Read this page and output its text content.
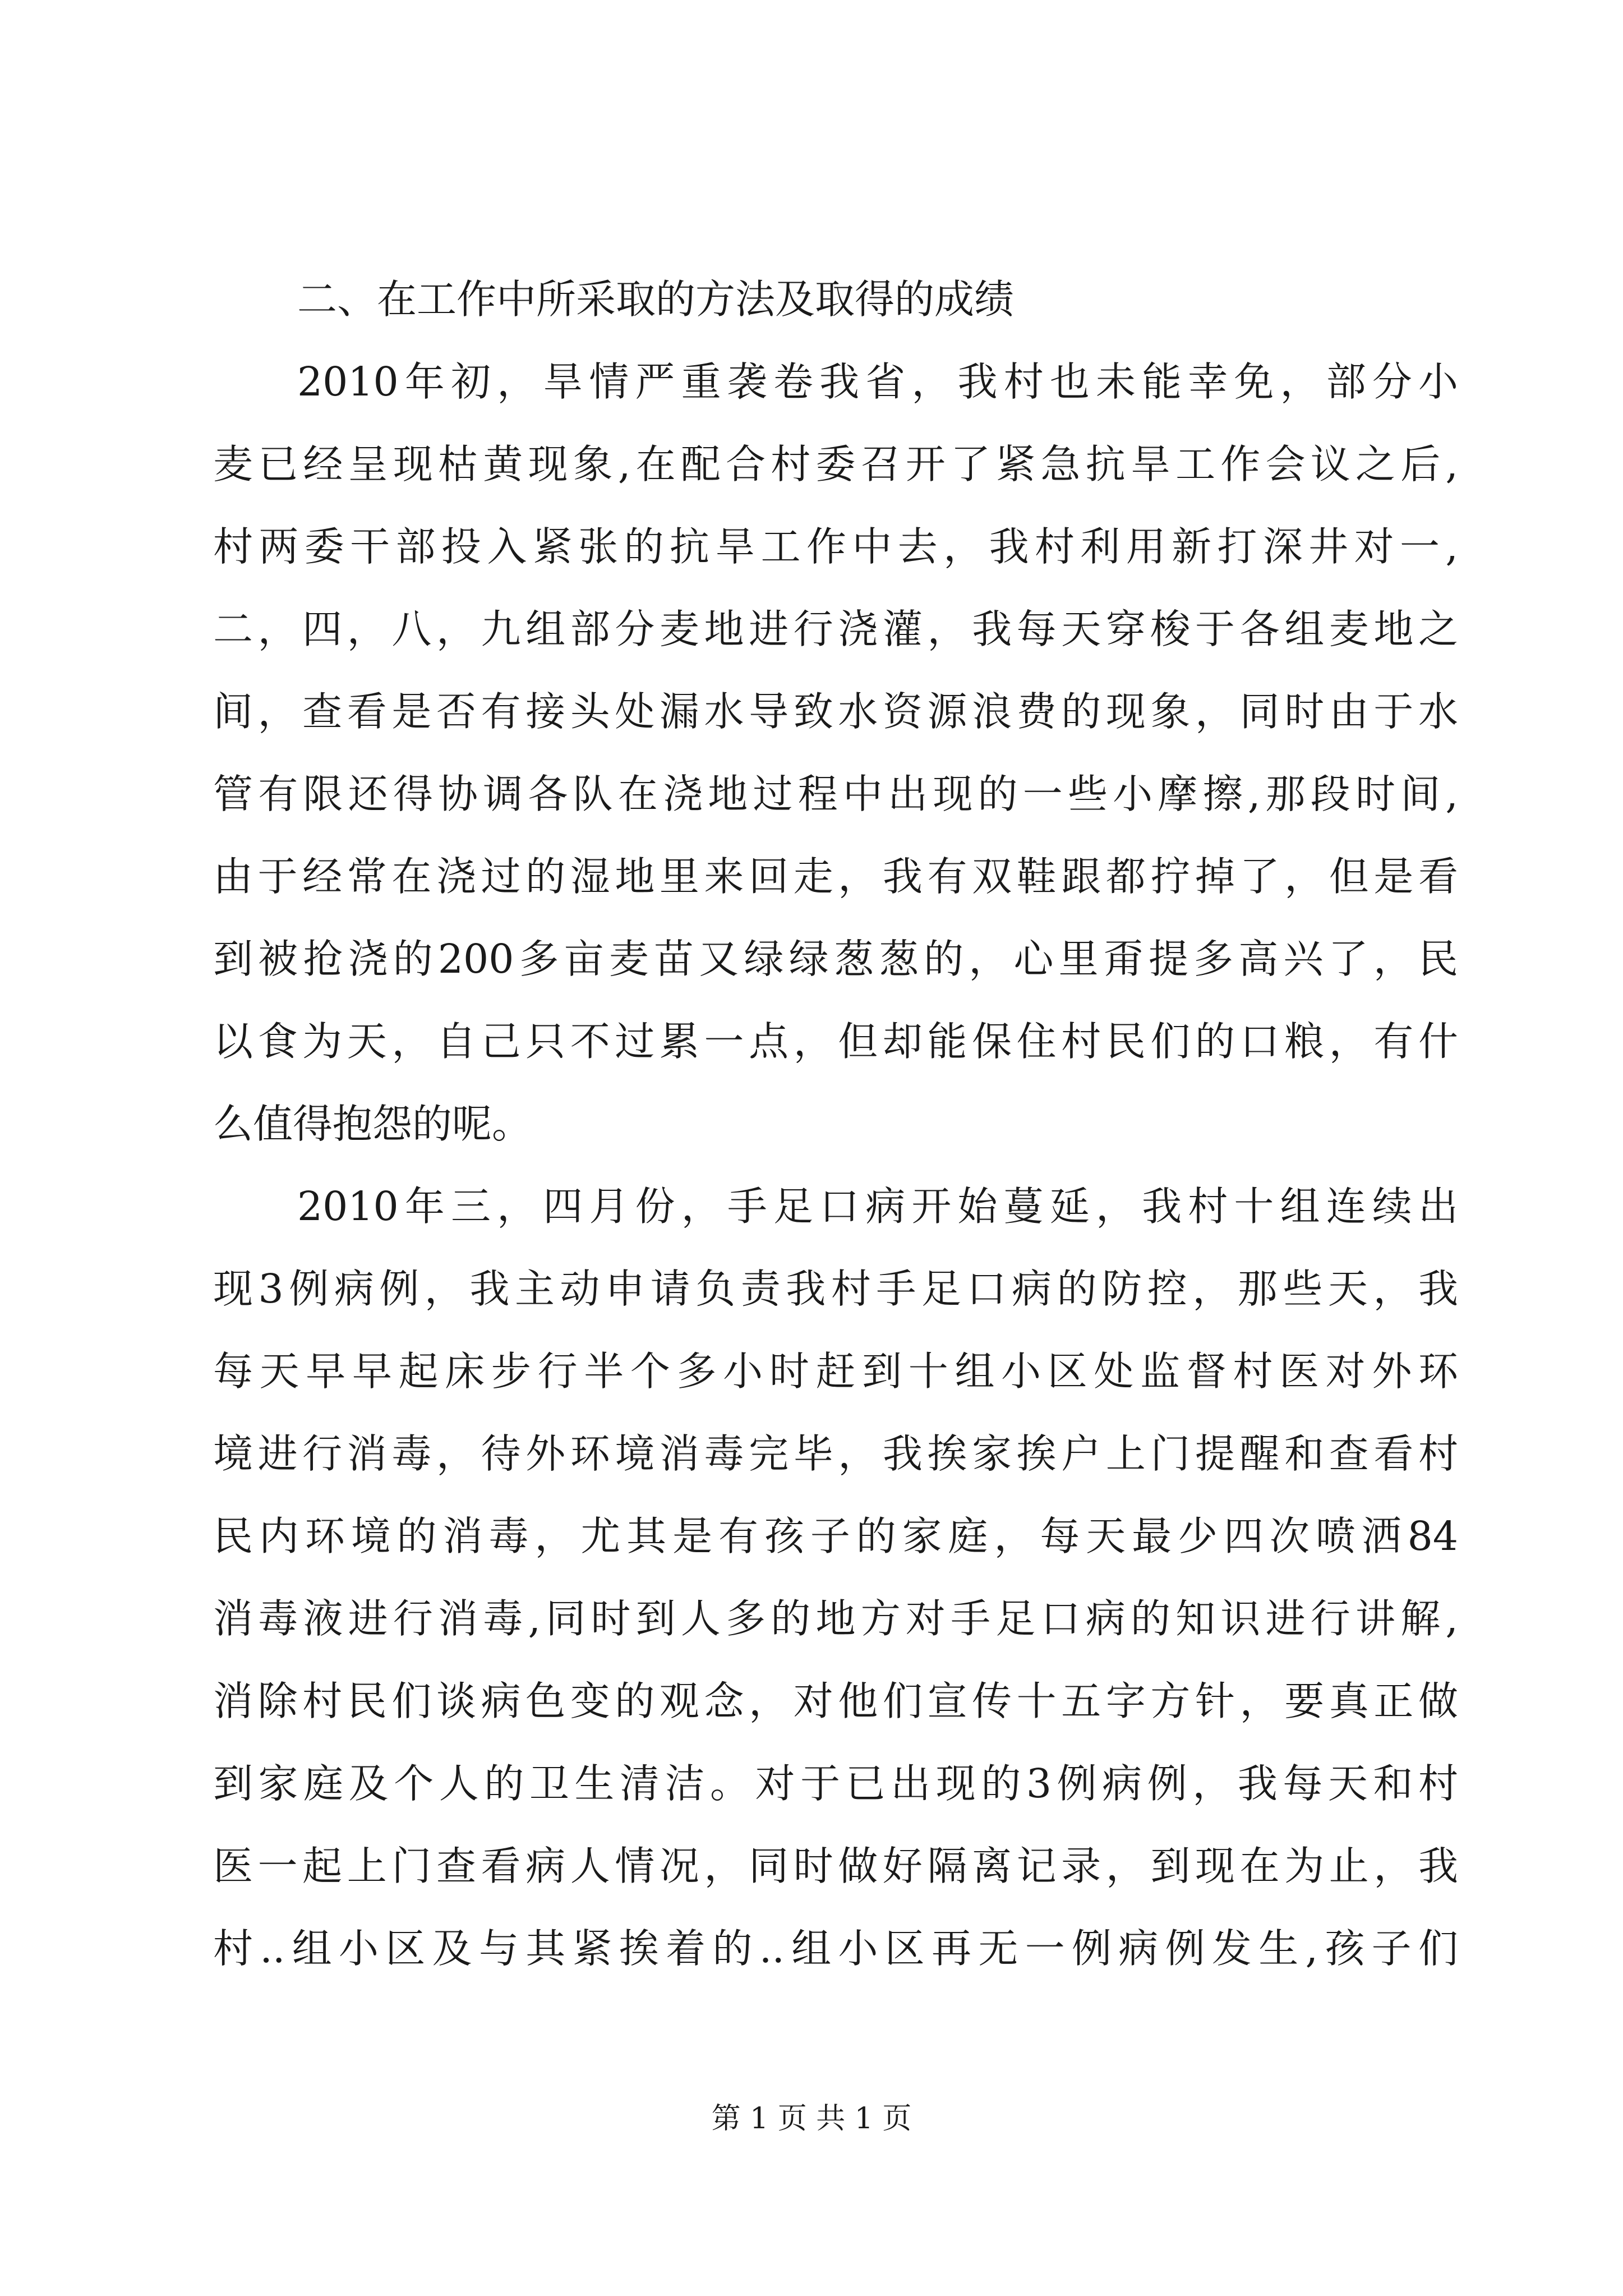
二、在工作中所采取的方法及取得的成绩
2010年初，旱情严重袭卷我省，我村也未能幸免，部分小
麦已经呈现枯黄现象,在配合村委召开了紧急抗旱工作会议之后,
村两委干部投入紧张的抗旱工作中去，我村利用新打深井对一,
二，四，八，九组部分麦地进行浇灌，我每天穿梭于各组麦地之
间，查看是否有接头处漏水导致水资源浪费的现象，同时由于水
管有限还得协调各队在浇地过程中出现的一些小摩擦,那段时间,
由于经常在浇过的湿地里来回走，我有双鞋跟都拧掉了，但是看
到被抢浇的200多亩麦苗又绿绿葱葱的，心里甭提多高兴了，民
以食为天，自己只不过累一点，但却能保住村民们的口粮，有什
么值得抱怨的呢。
2010年三，四月份，手足口病开始蔓延，我村十组连续出
现3例病例，我主动申请负责我村手足口病的防控，那些天，我
每天早早起床步行半个多小时赶到十组小区处监督村医对外环
境进行消毒，待外环境消毒完毕，我挨家挨户上门提醒和查看村
民内环境的消毒，尤其是有孩子的家庭，每天最少四次喷洒84
消毒液进行消毒,同时到人多的地方对手足口病的知识进行讲解,
消除村民们谈病色变的观念，对他们宣传十五字方针，要真正做
到家庭及个人的卫生清洁。对于已出现的3例病例，我每天和村
医一起上门查看病人情况，同时做好隔离记录，到现在为止，我
村..组小区及与其紧挨着的..组小区再无一例病例发生,孩子们
第 1 页 共 1 页
